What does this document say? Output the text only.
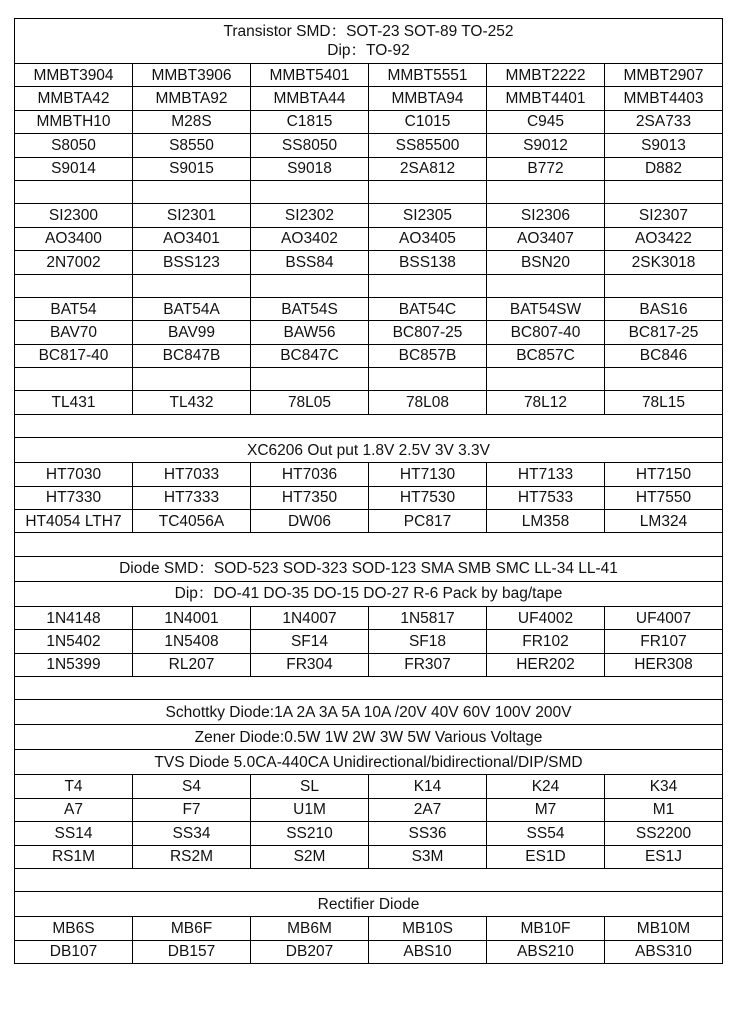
Transistor SMD：SOT-23 SOT-89 TO-252
Dip：TO-92					

MMBT3904	MMBT3906	MMBT5401	MMBT5551	MMBT2222	MMBT2907
MMBTA42	MMBTA92	MMBTA44	MMBTA94	MMBT4401	MMBT4403
MMBTH10	M28S	C1815	C1015	C945	2SA733
S8050	S8550	SS8050	SS85500	S9012	S9013
S9014	S9015	S9018	2SA812	B772	D882

SI2300	SI2301	SI2302	SI2305	SI2306	SI2307
AO3400	AO3401	AO3402	AO3405	AO3407	AO3422
2N7002	BSS123	BSS84	BSS138	BSN20	2SK3018

BAT54	BAT54A	BAT54S	BAT54C	BAT54SW	BAS16
BAV70	BAV99	BAW56	BC807-25	BC807-40	BC817-25
BC817-40	BC847B	BC847C	BC857B	BC857C	BC846

TL431	TL432	78L05	78L08	78L12	78L15

XC6206 Out put 1.8V 2.5V 3V 3.3V					

HT7030	HT7033	HT7036	HT7130	HT7133	HT7150
HT7330	HT7333	HT7350	HT7530	HT7533	HT7550
HT4054 LTH7	TC4056A	DW06	PC817	LM358	LM324

Diode SMD：SOD-523 SOD-323 SOD-123 SMA SMB SMC LL-34 LL-41					

Dip：DO-41 DO-35 DO-15 DO-27 R-6 Pack by bag/tape					

1N4148	1N4001	1N4007	1N5817	UF4002	UF4007
1N5402	1N5408	SF14	SF18	FR102	FR107
1N5399	RL207	FR304	FR307	HER202	HER308

Schottky Diode:1A 2A 3A 5A 10A /20V 40V 60V 100V 200V					

Zener Diode:0.5W 1W 2W 3W 5W Various Voltage					

TVS Diode 5.0CA-440CA Unidirectional/bidirectional/DIP/SMD					

T4	S4	SL	K14	K24	K34
A7	F7	U1M	2A7	M7	M1
SS14	SS34	SS210	SS36	SS54	SS2200
RS1M	RS2M	S2M	S3M	ES1D	ES1J

Rectifier Diode					

MB6S	MB6F	MB6M	MB10S	MB10F	MB10M
DB107	DB157	DB207	ABS10	ABS210	ABS310
